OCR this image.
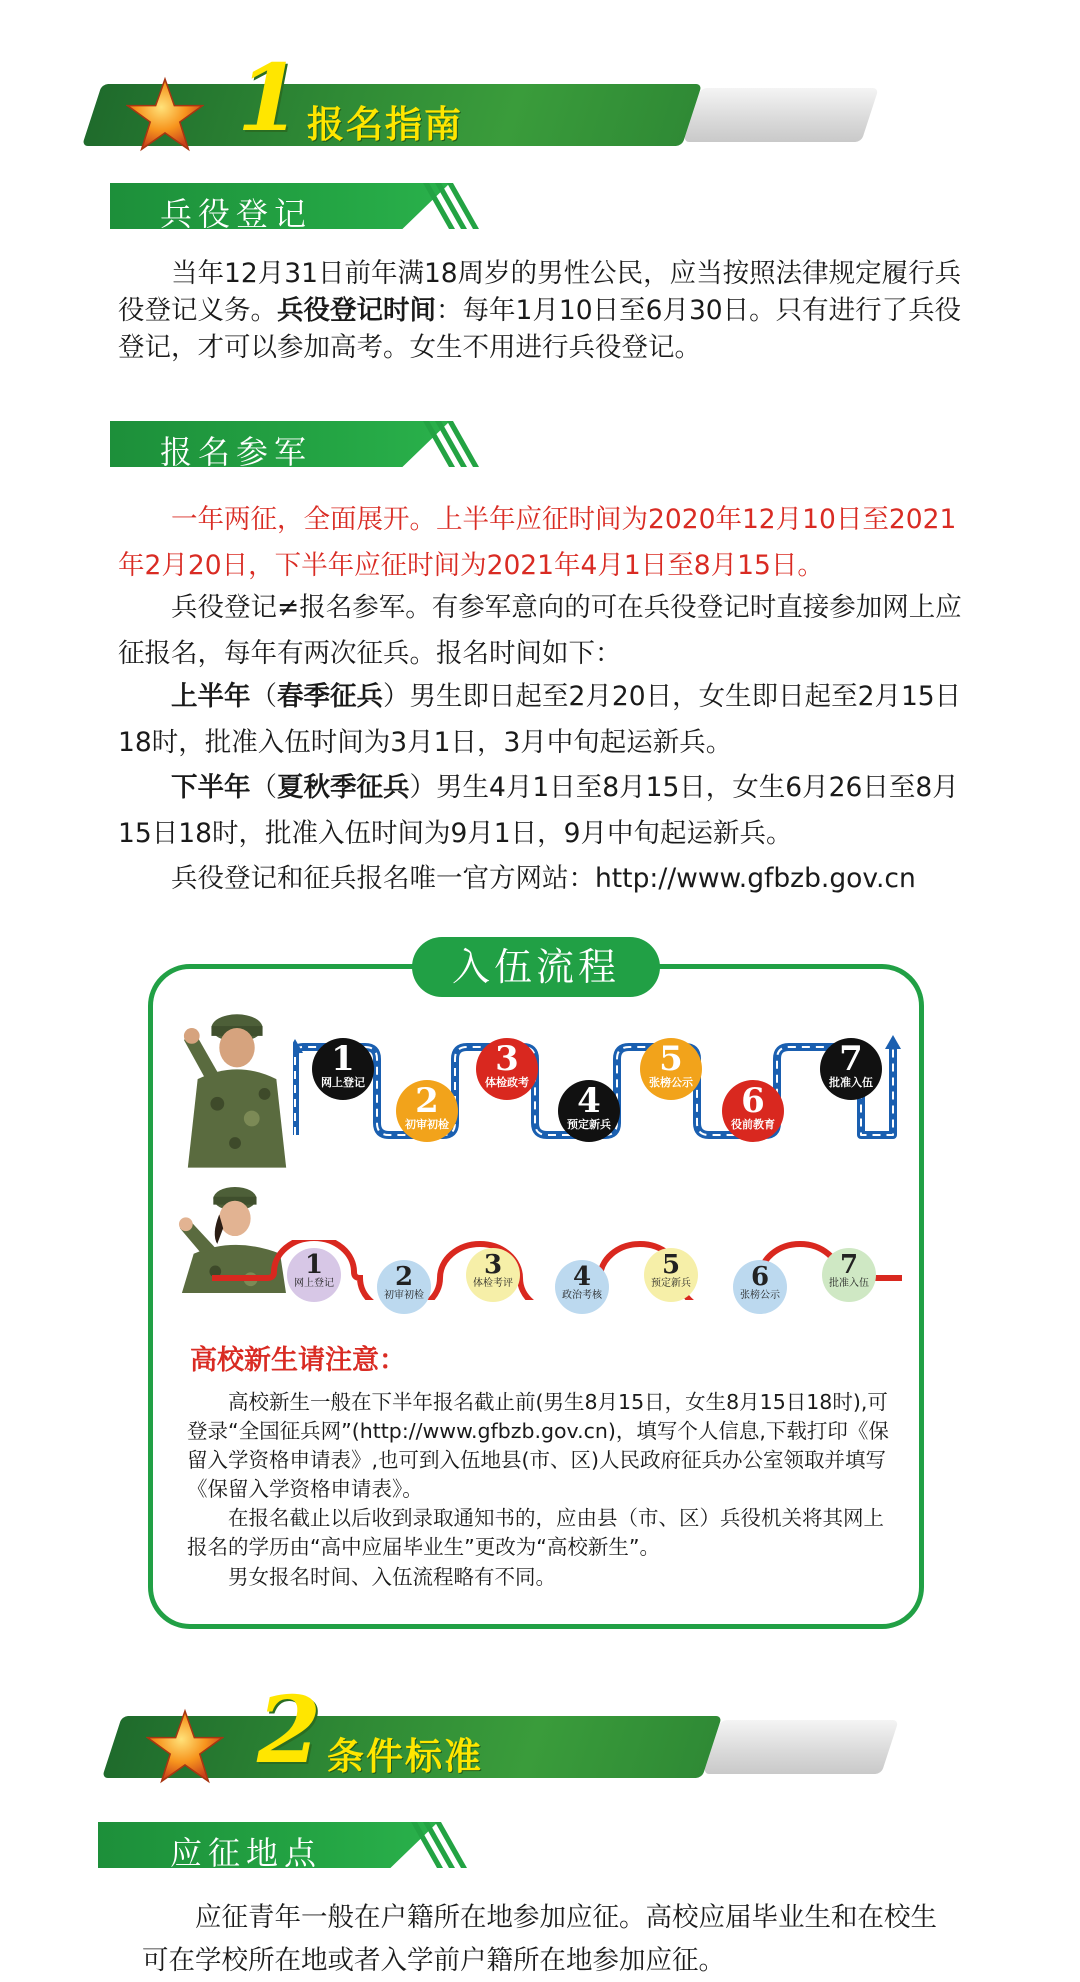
1 报名指南
兵役登记

当年12月31日前年满18周岁的男性公民，应当按照法律规定履行兵役登记义务。兵役登记时间：每年1月10日至6月30日。只有进行了兵役登记，才可以参加高考。女生不用进行兵役登记。

报名参军

一年两征，全面展开。上半年应征时间为2020年12月10日至2021年2月20日，下半年应征时间为2021年4月1日至8月15日。

兵役登记≠报名参军。有参军意向的可在兵役登记时直接参加网上应征报名，每年有两次征兵。报名时间如下：

上半年（春季征兵）男生即日起至2月20日，女生即日起至2月15日18时，批准入伍时间为3月1日，3月中旬起运新兵。

下半年（夏秋季征兵）男生4月1日至8月15日，女生6月26日至8月15日18时，批准入伍时间为9月1日，9月中旬起运新兵。

兵役登记和征兵报名唯一官方网站：http://www.gfbzb.gov.cn

入伍流程
1
网上登记	2
初审初检
3
体检政考	4
预定新兵
5
张榜公示	6
役前教育
7
批准入伍
1
网上登记	2
初审初检
3
体检考评	4
政治考核
5
预定新兵	6
张榜公示
7
批准入伍
高校新生请注意：

高校新生一般在下半年报名截止前(男生8月15日，女生8月15日18时),可登录“全国征兵网”(http://www.gfbzb.gov.cn)，填写个人信息,下载打印《保留入学资格申请表》,也可到入伍地县(市、区)人民政府征兵办公室领取并填写《保留入学资格申请表》。

在报名截止以后收到录取通知书的，应由县（市、区）兵役机关将其网上报名的学历由“高中应届毕业生”更改为“高校新生”。

男女报名时间、入伍流程略有不同。

2 条件标准
应征地点

应征青年一般在户籍所在地参加应征。高校应届毕业生和在校生可在学校所在地或者入学前户籍所在地参加应征。
